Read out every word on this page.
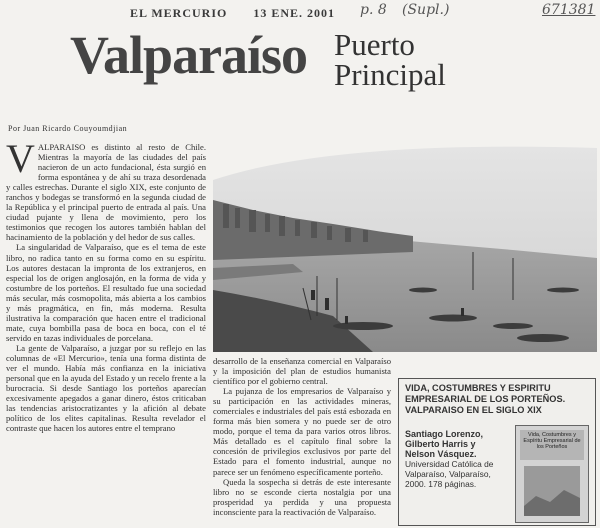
EL MERCURIO 13 ENE. 2001	p. 8 (Supl.)	671381
Valparaíso Puerto
Principal
Por Juan Ricardo Couyoumdjian
V ALPARAISO es distinto al resto de Chile. Mientras la mayoría de las ciudades del país nacieron de un acto fundacional, ésta surgió en forma espontánea y de ahí su traza desordenada y calles estrechas. Durante el siglo XIX, este conjunto de ranchos y bodegas se transformó en la segunda ciudad de la República y el principal puerto de entrada al país. Una ciudad pujante y llena de movimiento, pero los testimonios que recogen los autores también hablan del hacinamiento de la población y del hedor de sus calles.

La singularidad de Valparaíso, que es el tema de este libro, no radica tanto en su forma como en su espíritu. Los autores destacan la impronta de los extranjeros, en especial los de origen anglosajón, en la forma de vida y costumbre de los porteños. El resultado fue una sociedad más secular, más cosmopolita, más abierta a los cambios y más pragmática, en fin, más moderna. Resulta ilustrativa la comparación que hacen entre el tradicional mate, cuya bombilla pasa de boca en boca, con el té servido en tazas individuales de porcelana.

La gente de Valparaíso, a juzgar por su reflejo en las columnas de «El Mercurio», tenía una forma distinta de ver el mundo. Había más confianza en la iniciativa personal que en la ayuda del Estado y un recelo frente a la burocracia. Si desde Santiago los porteños aparecían excesivamente apegados a ganar dinero, éstos criticaban las tendencias aristocratizantes y la afición al debate político de los elites capitalinas. Resulta revelador el contraste que hacen los autores entre el temprano

desarrollo de la enseñanza comercial en Valparaíso y la imposición del plan de estudios humanista científico por el gobierno central.

La pujanza de los empresarios de Valparaíso y su participación en las actividades mineras, comerciales e industriales del país está esbozada en forma más bien somera y no puede ser de otro modo, porque el tema da para varios otros libros. Más detallado es el capítulo final sobre la concesión de privilegios exclusivos por parte del Estado para el fomento industrial, aunque no parece ser un fenómeno específicamente porteño.

Queda la sospecha si detrás de este interesante libro no se esconde cierta nostalgia por una prosperidad ya perdida y una propuesta inconsciente para la reactivación de Valparaíso.

VIDA, COSTUMBRES Y ESPIRITU EMPRESARIAL DE LOS PORTEÑOS. VALPARAISO EN EL SIGLO XIX
Santiago Lorenzo, Gilberto Harris y Nelson Vásquez.
Universidad Católica de Valparaíso, Valparaíso, 2000. 178 páginas.
Vida, Costumbres y Espíritu Empresarial de los Porteños
